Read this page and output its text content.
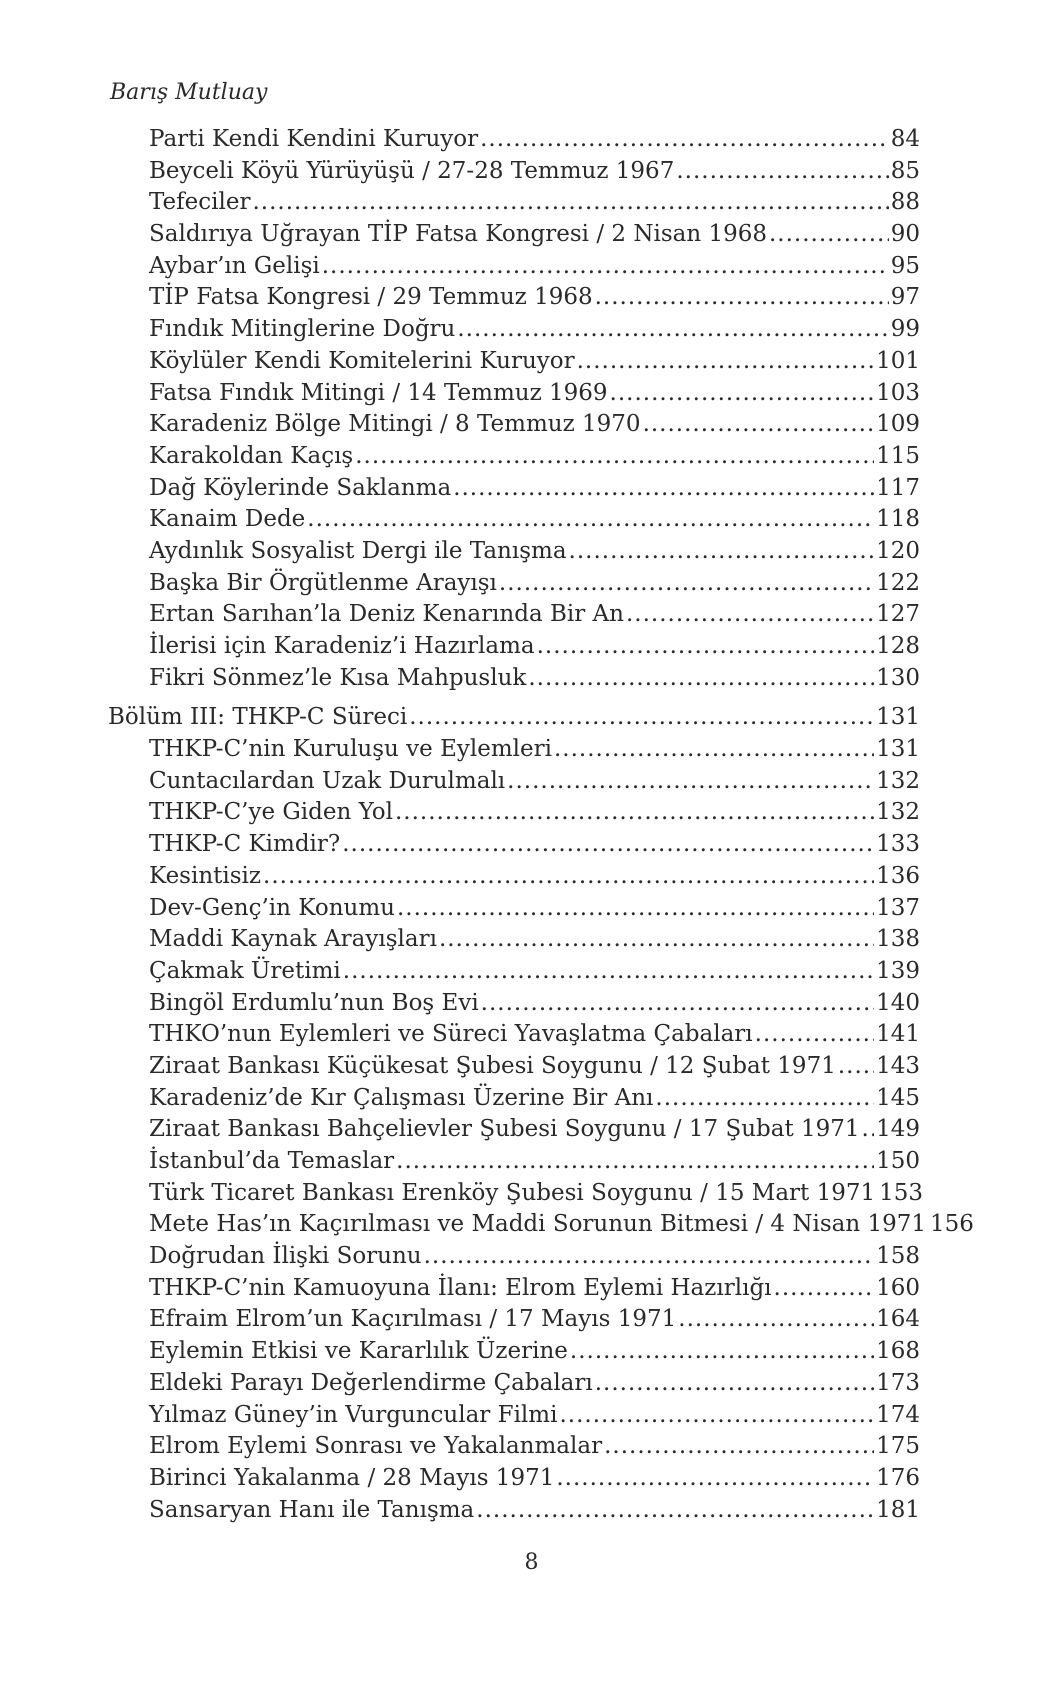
Barış Mutluay
Parti Kendi Kendini Kuruyor .....	84
Beyceli Köyü Yürüyüşü / 27-28 Temmuz 1967 .....	85
Tefeciler .....	88
Saldırıya Uğrayan TİP Fatsa Kongresi / 2 Nisan 1968 .....	90
Aybar’ın Gelişi .....	95
TİP Fatsa Kongresi / 29 Temmuz 1968 .....	97
Fındık Mitinglerine Doğru .....	99
Köylüler Kendi Komitelerini Kuruyor .....	101
Fatsa Fındık Mitingi / 14 Temmuz 1969 .....	103
Karadeniz Bölge Mitingi / 8 Temmuz 1970 .....	109
Karakoldan Kaçış .....	115
Dağ Köylerinde Saklanma .....	117
Kanaim Dede .....	118
Aydınlık Sosyalist Dergi ile Tanışma .....	120
Başka Bir Örgütlenme Arayışı .....	122
Ertan Sarıhan’la Deniz Kenarında Bir An .....	127
İlerisi için Karadeniz’i Hazırlama .....	128
Fikri Sönmez’le Kısa Mahpusluk .....	130
Bölüm III: THKP-C Süreci .....	131
THKP-C’nin Kuruluşu ve Eylemleri .....	131
Cuntacılardan Uzak Durulmalı .....	132
THKP-C’ye Giden Yol .....	132
THKP-C Kimdir? .....	133
Kesintisiz .....	136
Dev-Genç’in Konumu .....	137
Maddi Kaynak Arayışları .....	138
Çakmak Üretimi .....	139
Bingöl Erdumlu’nun Boş Evi .....	140
THKO’nun Eylemleri ve Süreci Yavaşlatma Çabaları .....	141
Ziraat Bankası Küçükesat Şubesi Soygunu / 12 Şubat 1971 ..... 143
Karadeniz’de Kır Çalışması Üzerine Bir Anı .....	145
Ziraat Bankası Bahçelievler Şubesi Soygunu / 17 Şubat 1971 ..... 149
İstanbul’da Temaslar .....	150
Türk Ticaret Bankası Erenköy Şubesi Soygunu / 15 Mart 1971 153
Mete Has’ın Kaçırılması ve Maddi Sorunun Bitmesi / 4 Nisan 1971 156
Doğrudan İlişki Sorunu .....	158
THKP-C’nin Kamuoyuna İlanı: Elrom Eylemi Hazırlığı .....	160
Efraim Elrom’un Kaçırılması / 17 Mayıs 1971 .....	164
Eylemin Etkisi ve Kararlılık Üzerine .....	168
Eldeki Parayı Değerlendirme Çabaları .....	173
Yılmaz Güney’in Vurguncular Filmi .....	174
Elrom Eylemi Sonrası ve Yakalanmalar .....	175
Birinci Yakalanma / 28 Mayıs 1971 .....	176
Sansaryan Hanı ile Tanışma .....	181
8
